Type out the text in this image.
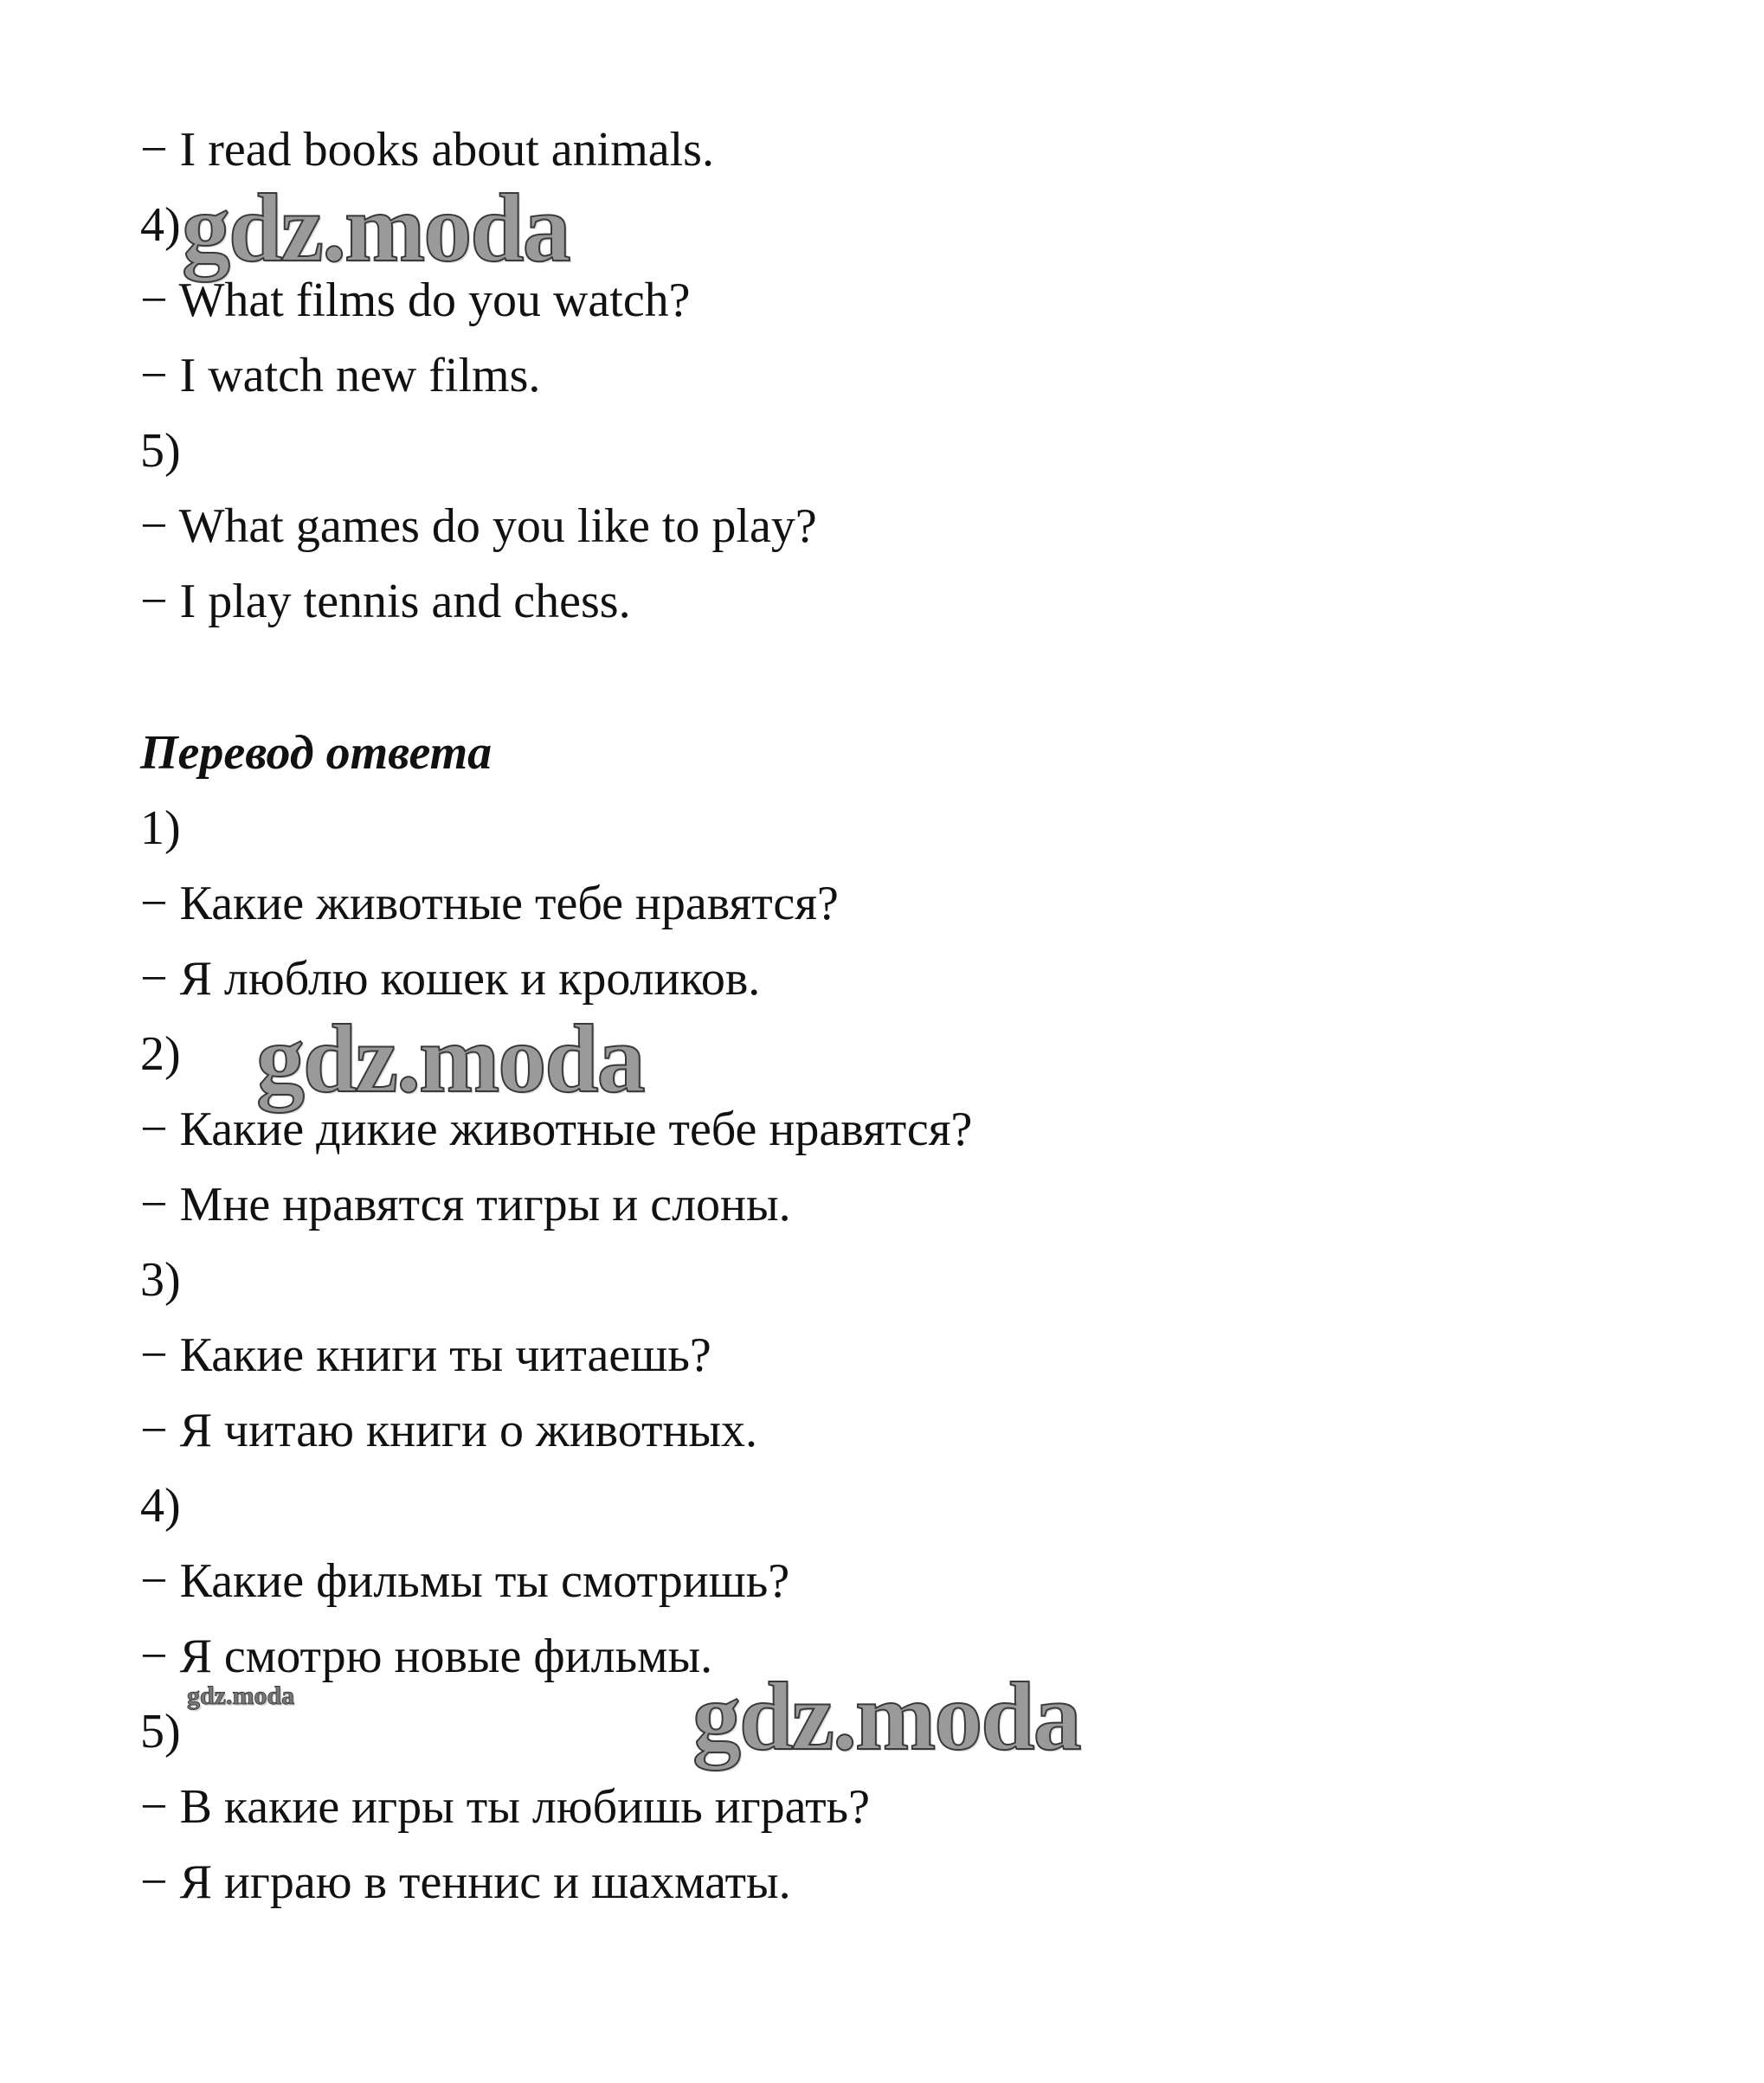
− I read books about animals.
4)
− What films do you watch?
− I watch new films.
5)
− What games do you like to play?
− I play tennis and chess.
Перевод ответа
1)
− Какие животные тебе нравятся?
− Я люблю кошек и кроликов.
2)
− Какие дикие животные тебе нравятся?
− Мне нравятся тигры и слоны.
3)
− Какие книги ты читаешь?
− Я читаю книги о животных.
4)
− Какие фильмы ты смотришь?
− Я смотрю новые фильмы.
5)
− В какие игры ты любишь играть?
− Я играю в теннис и шахматы.
gdz.moda
gdz.moda
gdz.moda
gdz.moda
